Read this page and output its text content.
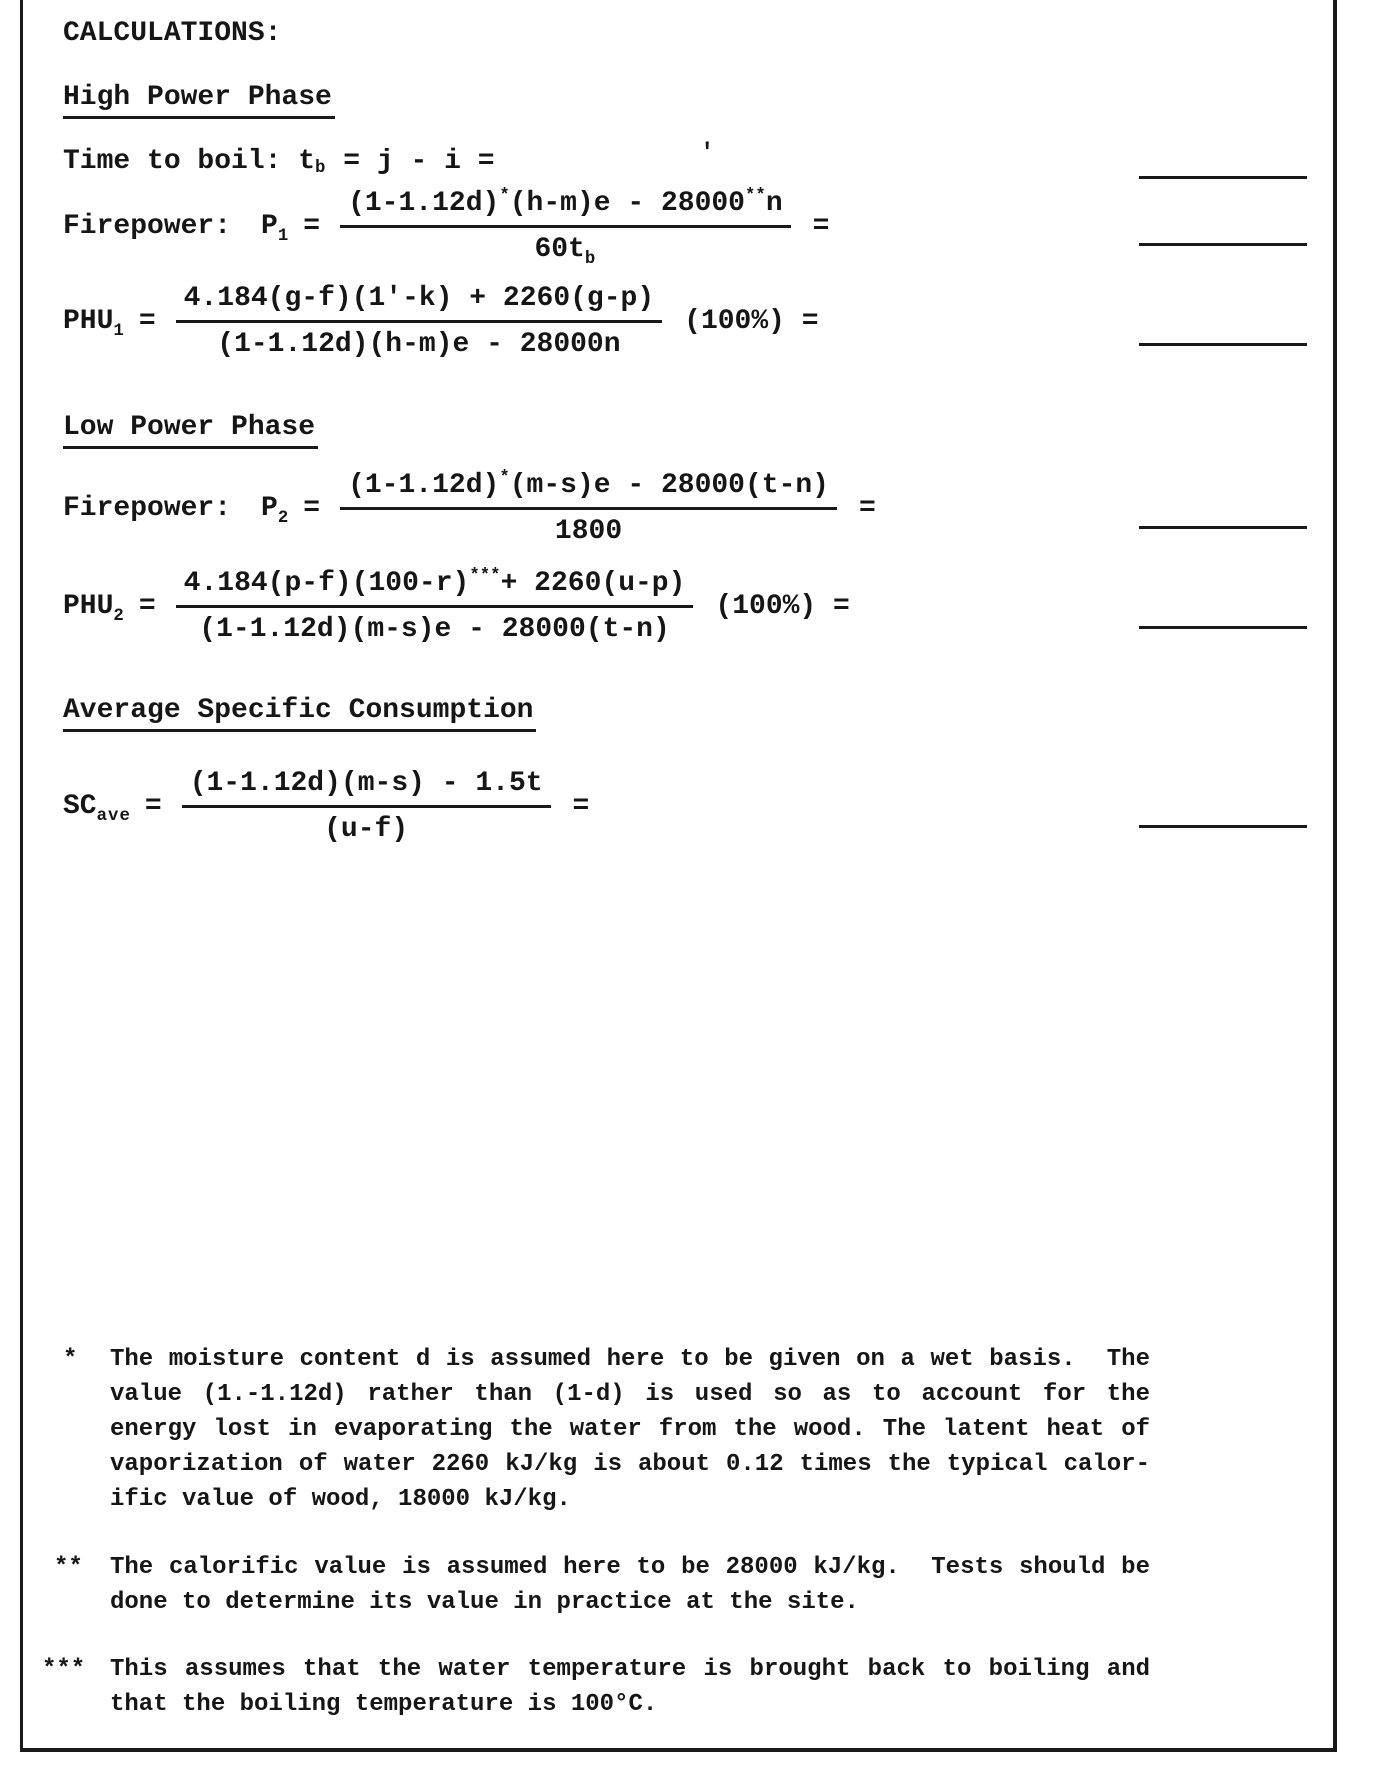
CALCULATIONS:
High Power Phase
Time to boil: $t_b = j - i$ =	'
Firepower: $P_1 = \frac{(1-1.12d)^*(h-m)e - 28000^{**}n}{60t_b}$ =
$PHU_1 = \frac{4.184(g-f)(1'-k) + 2260(g-p)}{(1-1.12d)(h-m)e - 28000n} (100\%)$ =
Low Power Phase
Firepower: $P_2 = \frac{(1-1.12d)^*(m-s)e - 28000(t-n)}{1800}$ =
$PHU_2 = \frac{4.184(p-f)(100-r)^{***}+ 2260(u-p)}{(1-1.12d)(m-s)e - 28000(t-n)} (100\%)$ =
Average Specific Consumption
$SC_{ave} = \frac{(1-1.12d)(m-s) - 1.5t}{(u-f)}$ =
* The moisture content d is assumed here to be given on a wet basis.  The
value (1.-1.12d) rather than (1-d) is used so as to account for the
energy lost in evaporating the water from the wood. The latent heat of
vaporization of water 2260 kJ/kg is about 0.12 times the typical calor-
ific value of wood, 18000 kJ/kg.
** The calorific value is assumed here to be 28000 kJ/kg.  Tests should be
done to determine its value in practice at the site.
*** This assumes that the water temperature is brought back to boiling and
that the boiling temperature is 100°C.
